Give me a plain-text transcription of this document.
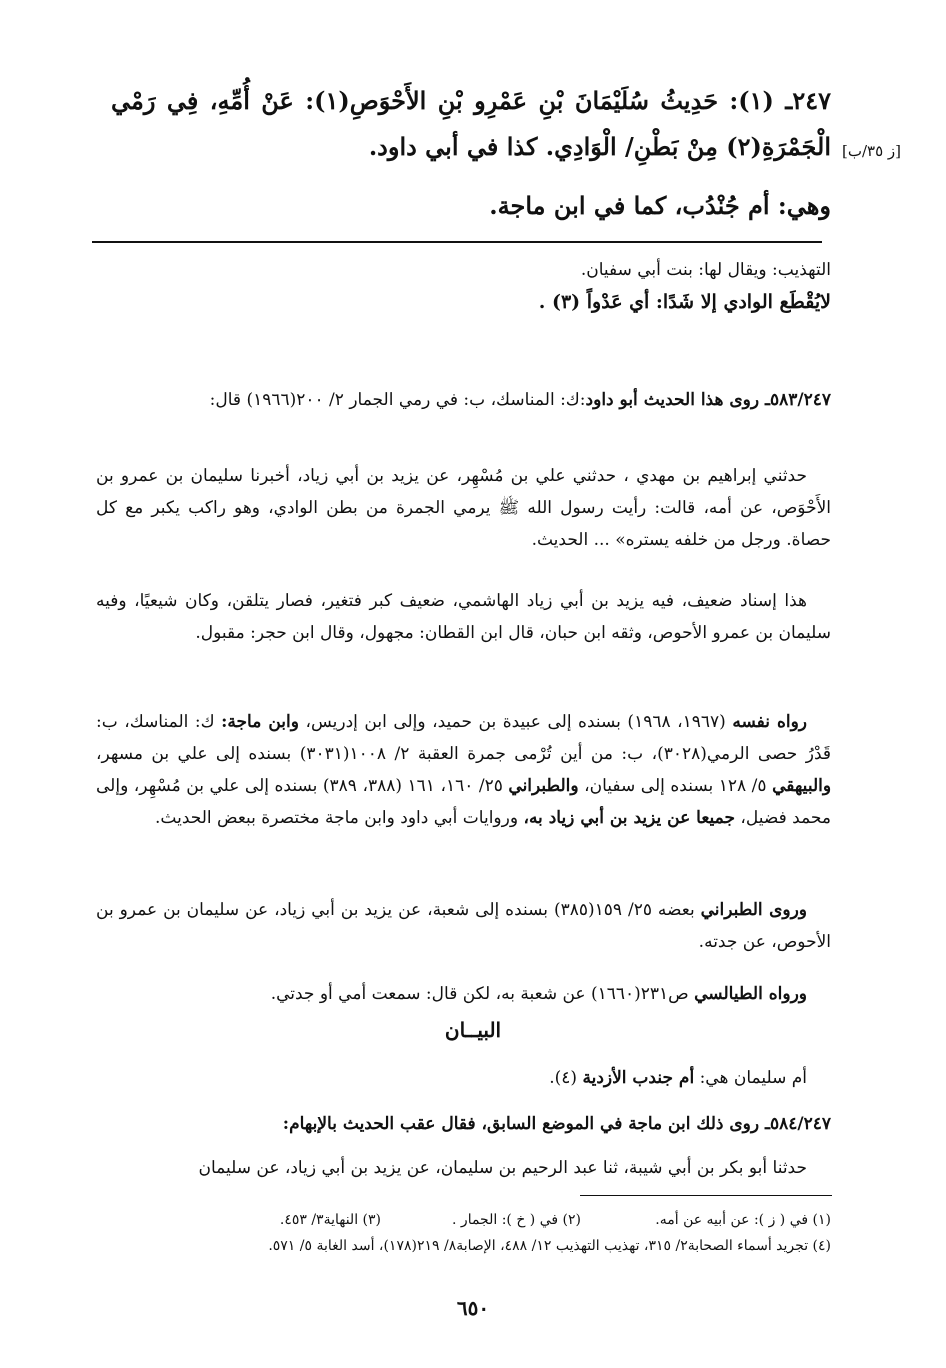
٢٤٧ـ (١): حَدِيثُ سُلَيْمَانَ بْنِ عَمْرِو بْنِ الأَحْوَصِ(١): عَنْ أُمِّهِ، فِي رَمْي الْجَمْرَةِ(٢) مِنْ بَطْنِ/ الْوَادِي. كذا في أبي داود. [ز ٣٥/ب]
وهي: أم جُنْدُب، كما في ابن ماجة.
التهذيب: ويقال لها: بنت أبي سفيان.
لايُقْطَع الوادي إلا شَدًا: أي عَدْواً (٣) .
٥٨٣/٢٤٧ـ روى هذا الحديث أبو داود:ك: المناسك، ب: في رمي الجمار ٢/ ٢٠٠(١٩٦٦) قال:
حدثني إبراهيم بن مهدي ، حدثني علي بن مُسْهِر، عن يزيد بن أبي زياد، أخبرنا سليمان بن عمرو بن الأَحْوَص، عن أمه، قالت: رأيت رسول الله ﷺ يرمي الجمرة من بطن الوادي، وهو راكب يكبر مع كل حصاة. ورجل من خلفه يستره» ... الحديث.
هذا إسناد ضعيف، فيه يزيد بن أبي زياد الهاشمي، ضعيف كبر فتغير، فصار يتلقن، وكان شيعيًا، وفيه سليمان بن عمرو الأحوص، وثقه ابن حبان، قال ابن القطان: مجهول، وقال ابن حجر: مقبول.
رواه نفسه (١٩٦٧، ١٩٦٨) بسنده إلى عبيدة بن حميد، وإلى ابن إدريس، وابن ماجة: ك: المناسك، ب: قَدْرُ حصى الرمي(٣٠٢٨)، ب: من أين تُرْمى جمرة العقبة ٢/ ١٠٠٨(٣٠٣١) بسنده إلى علي بن مسهر، والبيهقي ٥/ ١٢٨ بسنده إلى سفيان، والطبراني ٢٥/ ١٦٠، ١٦١ (٣٨٨، ٣٨٩) بسنده إلى علي بن مُسْهِر، وإلى محمد فضيل، جميعا عن يزيد بن أبي زياد به، وروايات أبي داود وابن ماجة مختصرة ببعض الحديث.
وروى الطبراني بعضه ٢٥/ ١٥٩(٣٨٥) بسنده إلى شعبة، عن يزيد بن أبي زياد، عن سليمان بن عمرو بن الأحوص، عن جدته.
ورواه الطيالسي ص٢٣١(١٦٦٠) عن شعبة به، لكن قال: سمعت أمي أو جدتي.
البيــان
أم سليمان هي: أم جندب الأزدية (٤).
٥٨٤/٢٤٧ـ روى ذلك ابن ماجة في الموضع السابق، فقال عقب الحديث بالإبهام:
حدثنا أبو بكر بن أبي شيبة، ثنا عبد الرحيم بن سليمان، عن يزيد بن أبي زياد، عن سليمان
(١) في ( ز ): عن أبيه عن أمه.(٢) في ( خ ): الجمار .(٣) النهاية٣/ ٤٥٣.
(٤) تجريد أسماء الصحابة٢/ ٣١٥، تهذيب التهذيب ١٢/ ٤٨٨، الإصابة٨/ ٢١٩(١٧٨)، أسد الغابة ٥/ ٥٧١.
٦٥٠
